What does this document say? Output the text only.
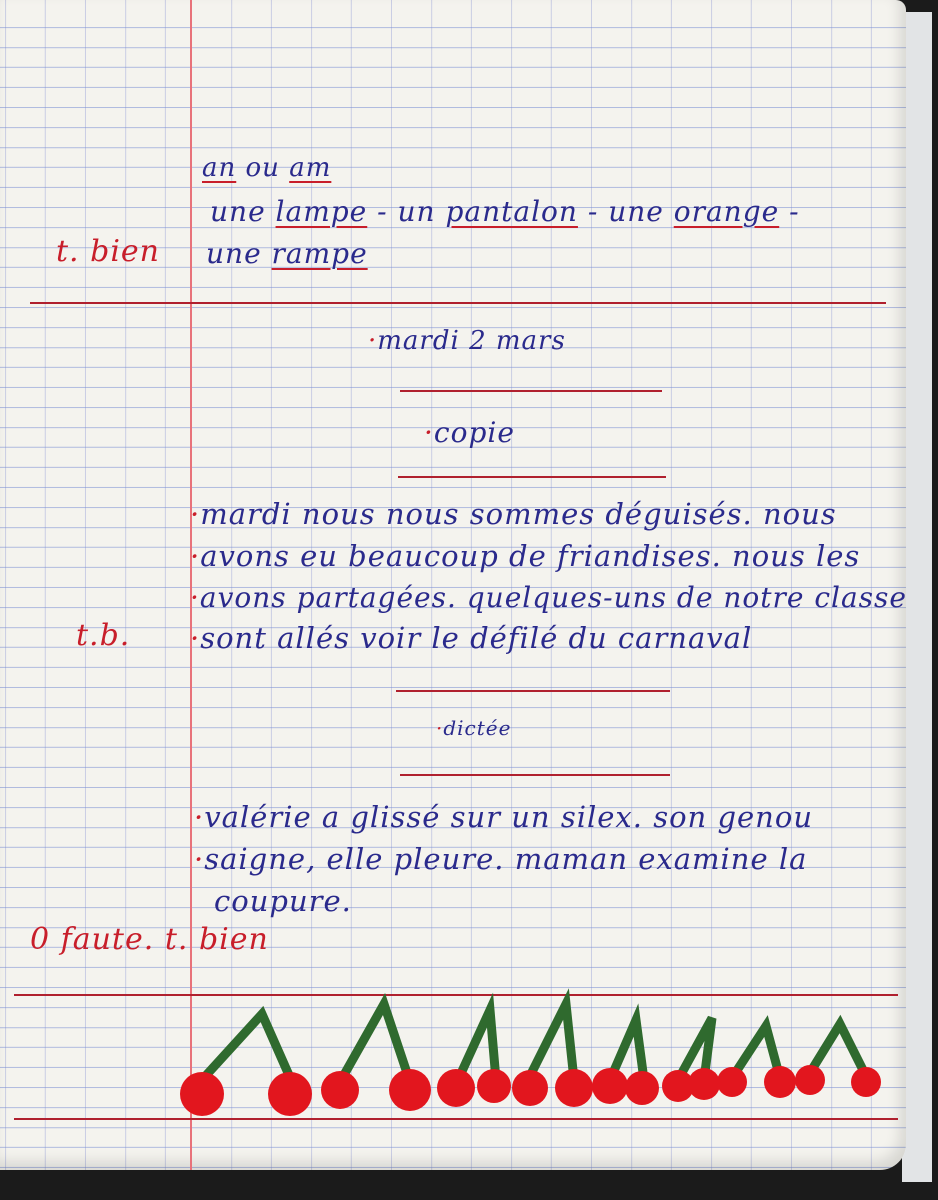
an ou am
une lampe - un pantalon - une orange -
une rampe
t. bien
·mardi 2 mars
·copie
·mardi nous nous sommes déguisés. nous
·avons eu beaucoup de friandises. nous les
·avons partagées. quelques-uns de notre classe
·sont allés voir le défilé du carnaval
t.b.
·dictée
·valérie a glissé sur un silex. son genou
·saigne, elle pleure. maman examine la
coupure.
0 faute. t. bien
